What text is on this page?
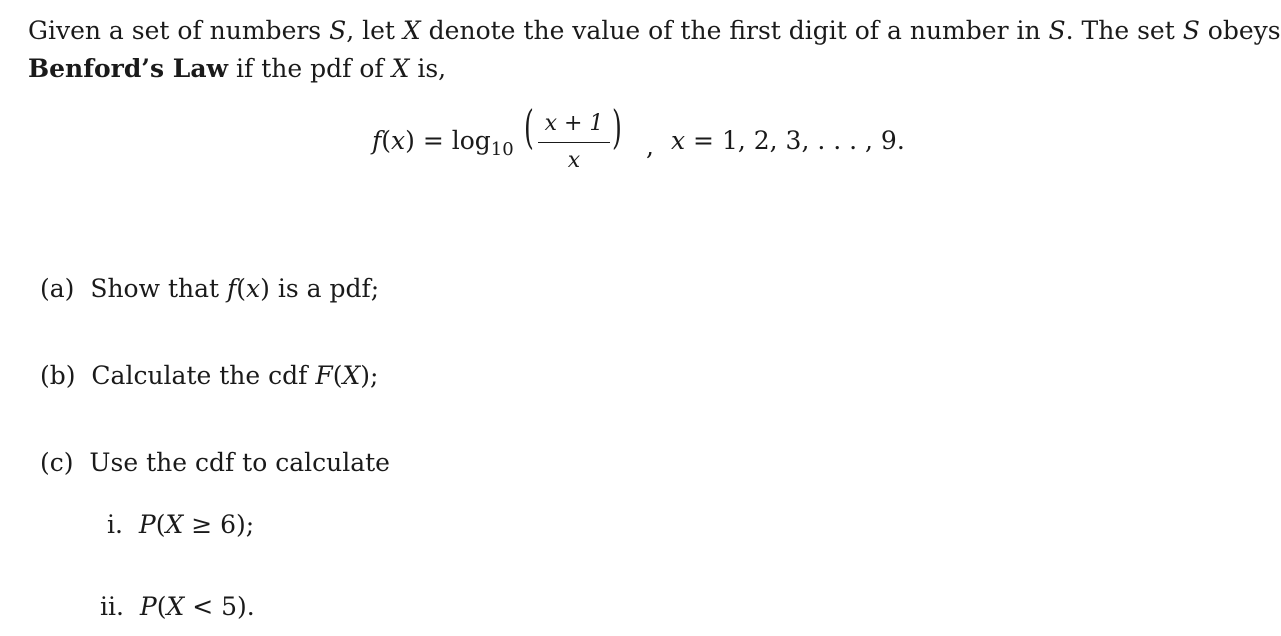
Given a set of numbers S, let X denote the value of the first digit of a number in S. The set S obeys
Benford’s Law if the pdf of X is,
$f(x) = \log_{10}$ ( x + 1
x
) , x = 1, 2, 3, . . . , 9.
(a) Show that f(x) is a pdf;
(b) Calculate the cdf F(X);
(c) Use the cdf to calculate
i. P(X ≥ 6);
ii. P(X < 5).
